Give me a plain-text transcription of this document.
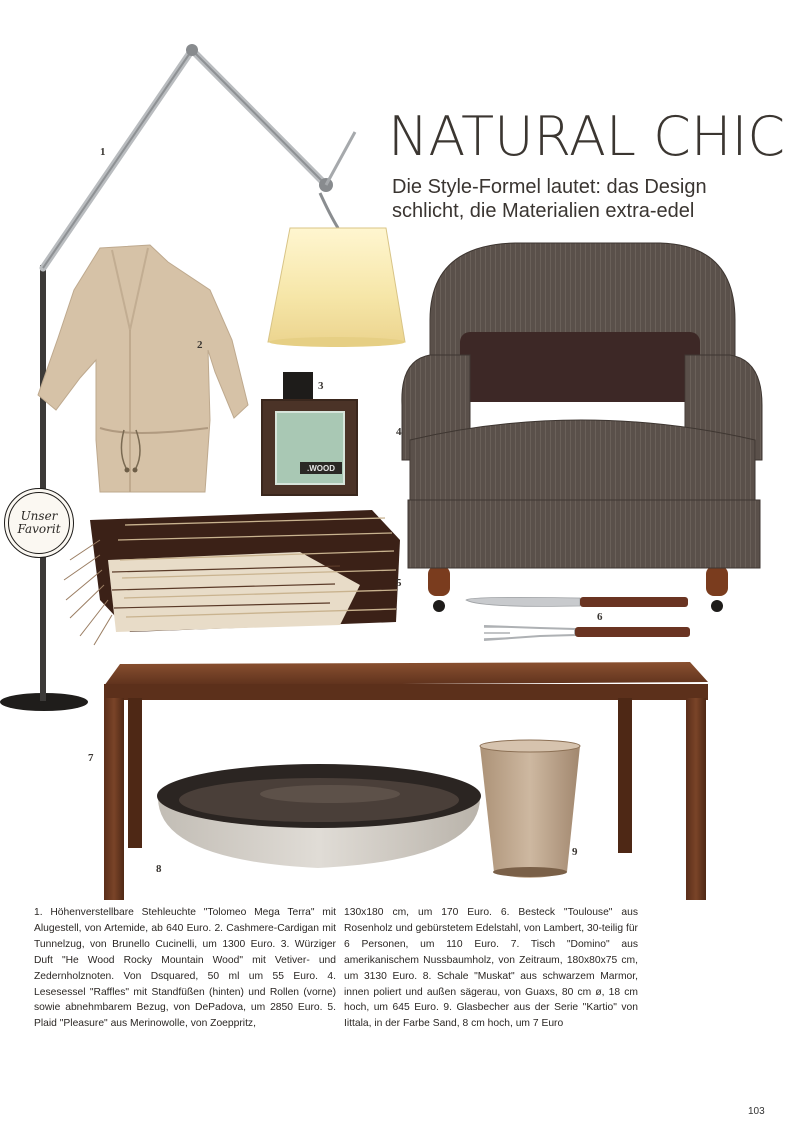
NATURAL CHIC
Die Style-Formel lautet: das Design schlicht, die Materialien extra-edel
.WOOD
1
2
3
4
5
6
7
8
9
Unser
Favorit

1. Höhenverstellbare Stehleuchte "Tolomeo Mega Terra" mit Alugestell, von Artemide, ab 640 Euro. 2. Cashmere-Cardigan mit Tunnelzug, von Brunello Cucinelli, um 1300 Euro. 3. Würziger Duft "He Wood Rocky Mountain Wood" mit Vetiver- und Zedernholznoten. Von Dsquared, 50 ml um 55 Euro. 4. Lesesessel "Raffles" mit Standfüßen (hinten) und Rollen (vorne) sowie abnehmbarem Bezug, von DePadova, um 2850 Euro. 5. Plaid "Pleasure" aus Merinowolle, von Zoeppritz,

130x180 cm, um 170 Euro. 6. Besteck "Toulouse" aus Rosenholz und gebürstetem Edelstahl, von Lambert, 30-teilig für 6 Personen, um 110 Euro. 7. Tisch "Domino" aus amerikanischem Nussbaumholz, von Zeitraum, 180x80x75 cm, um 3130 Euro. 8. Schale "Muskat" aus schwarzem Marmor, innen poliert und außen sägerau, von Guaxs, 80 cm ø, 18 cm hoch, um 645 Euro. 9. Glasbecher aus der Serie "Kartio" von Iittala, in der Farbe Sand, 8 cm hoch, um 7 Euro

103
